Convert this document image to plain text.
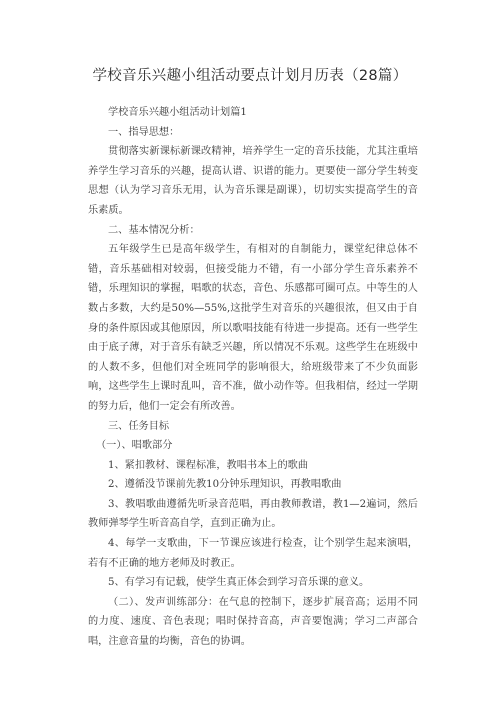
学校音乐兴趣小组活动要点计划月历表（28篇）

学校音乐兴趣小组活动计划篇1

一、指导思想：

贯彻落实新课标新课改精神，培养学生一定的音乐技能，尤其注重培养学生学习音乐的兴趣，提高认谱、识谱的能力。更要使一部分学生转变思想（认为学习音乐无用，认为音乐课是副课），切切实实提高学生的音乐素质。

二、基本情况分析：

五年级学生已是高年级学生，有相对的自制能力，课堂纪律总体不错，音乐基础相对较弱，但接受能力不错，有一小部分学生音乐素养不错，乐理知识的掌握，唱歌的状态，音色、乐感都可圈可点。中等生的人数占多数，大约是50%—55%,这批学生对音乐的兴趣很浓，但又由于自身的条件原因或其他原因，所以歌唱技能有待进一步提高。还有一些学生由于底子薄，对于音乐有缺乏兴趣，所以情况不乐观。这些学生在班级中的人数不多，但他们对全班同学的影响很大，给班级带来了不少负面影响，这些学生上课时乱叫，音不准，做小动作等。但我相信，经过一学期的努力后，他们一定会有所改善。

三、任务目标

（一）、唱歌部分

1、紧扣教材、课程标准，教唱书本上的歌曲

2、遵循没节课前先教10分钟乐理知识，再教唱歌曲

3、教唱歌曲遵循先听录音范唱，再由教师教谱，教1—2遍词，然后教师弹琴学生听音高自学，直到正确为止。

4、每学一支歌曲，下一节课应该进行检查，让个别学生起来演唱，若有不正确的地方老师及时教正。

5、有学习有记载，使学生真正体会到学习音乐课的意义。

（二）、发声训练部分：在气息的控制下，逐步扩展音高；运用不同的力度、速度、音色表现；唱时保持音高，声音要饱满；学习二声部合唱，注意音量的均衡，音色的协调。
